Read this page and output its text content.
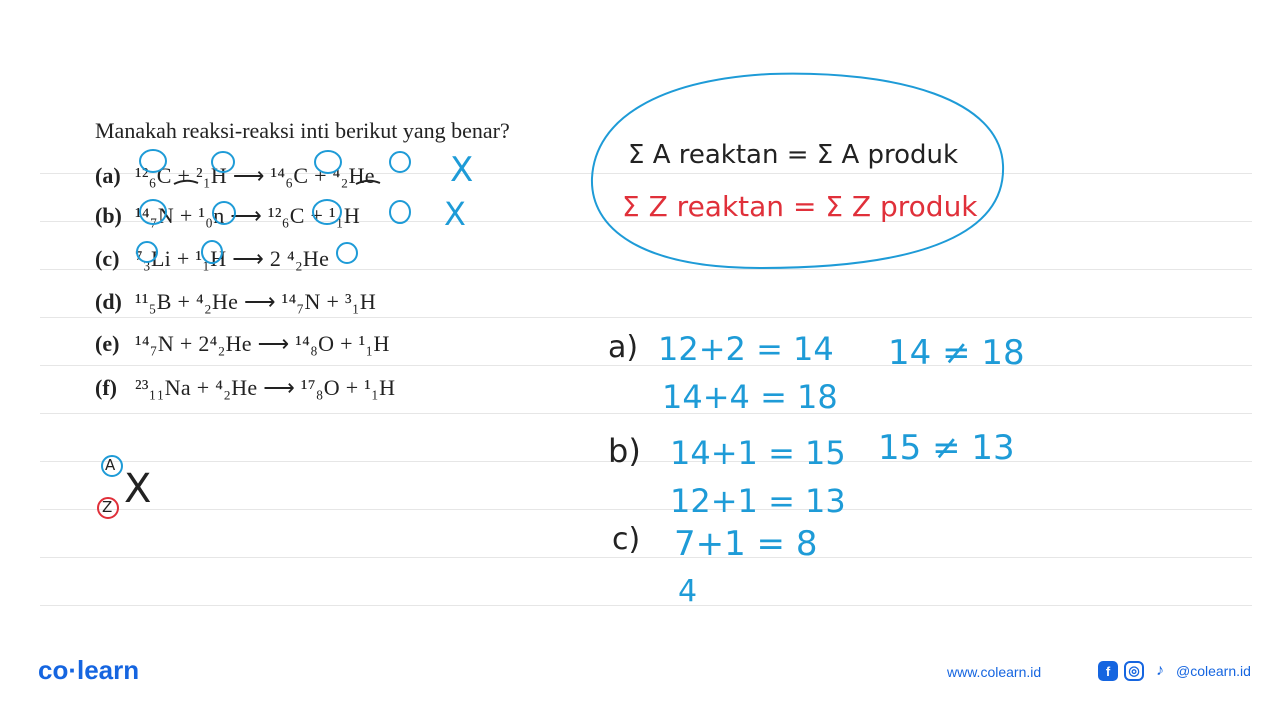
Manakah reaksi-reaksi inti berikut yang benar?
(a) ¹²₆C + ²₁H ⟶ ¹⁴₆C + ⁴₂He
(b) ¹⁴₇N + ¹₀n ⟶ ¹²₆C + ¹₁H
(c) ⁷₃Li + ¹₁H ⟶ 2 ⁴₂He
(d) ¹¹₅B + ⁴₂He ⟶ ¹⁴₇N + ³₁H
(e) ¹⁴₇N + 2⁴₂He ⟶ ¹⁴₈O + ¹₁H
(f) ²³₁₁Na + ⁴₂He ⟶ ¹⁷₈O + ¹₁H
X
X
A
Z X
Σ A reaktan = Σ A produk
Σ Z reaktan = Σ Z produk
a) 12+2 = 14
14+4 = 18
14 ≠ 18
b) 14+1 = 15
12+1 = 13
15 ≠ 13
c) 7+1 = 8
4
co·learn	www.colearn.id	f	◎	♪ @colearn.id
